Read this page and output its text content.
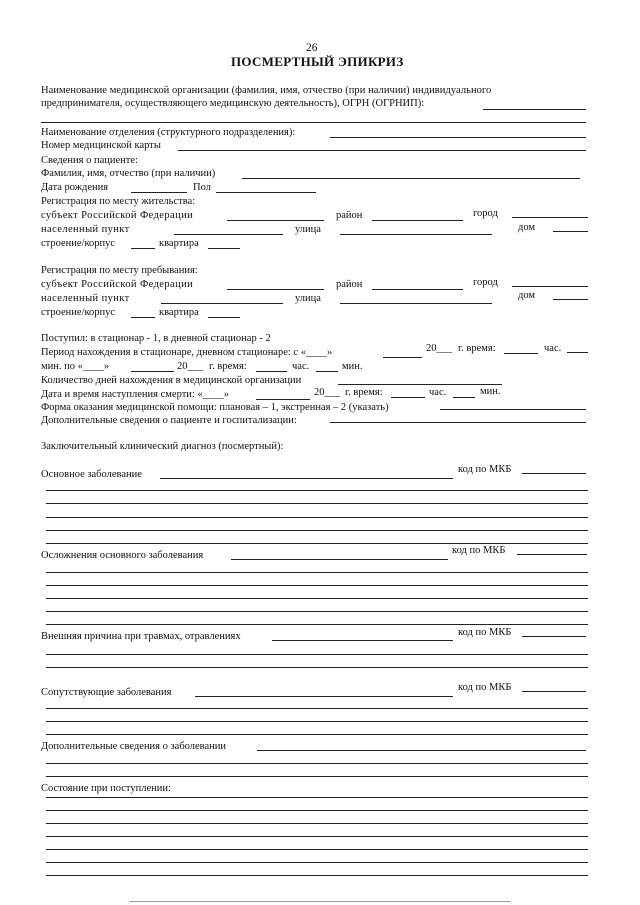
26
ПОСМЕРТНЫЙ ЭПИКРИЗ
Наименование медицинской организации (фамилия, имя, отчество (при наличии) индивидуального
предпринимателя, осуществляющего медицинскую деятельность), ОГРН (ОГРНИП):
Наименование отделения (структурного подразделения):
Номер медицинской карты
Сведения о пациенте:
Фамилия, имя, отчество (при наличии)
Дата рождения	Пол
Регистрация по месту жительства:
субъект Российской Федерации	район	город
населенный пункт	улица	дом
строение/корпус	квартира
Регистрация по месту пребывания:
субъект Российской Федерации	район	город
населенный пункт	улица	дом
строение/корпус	квартира
Поступил: в стационар - 1, в дневной стационар - 2
Период нахождения в стационаре, дневном стационаре: с «____»	20___ г. время:	час.
мин. по «____»	20___ г. время:	час.	мин.
Количество дней нахождения в медицинской организации
Дата и время наступления смерти: «____»	20___ г. время:	час.	мин.
Форма оказания медицинской помощи: плановая – 1, экстренная – 2 (указать)
Дополнительные сведения о пациенте и госпитализации:
Заключительный клинический диагноз (посмертный):
Основное заболевание	код по МКБ
Осложнения основного заболевания	код по МКБ
Внешняя причина при травмах, отравлениях	код по МКБ
Сопутствующие заболевания	код по МКБ
Дополнительные сведения о заболевании
Состояние при поступлении:
